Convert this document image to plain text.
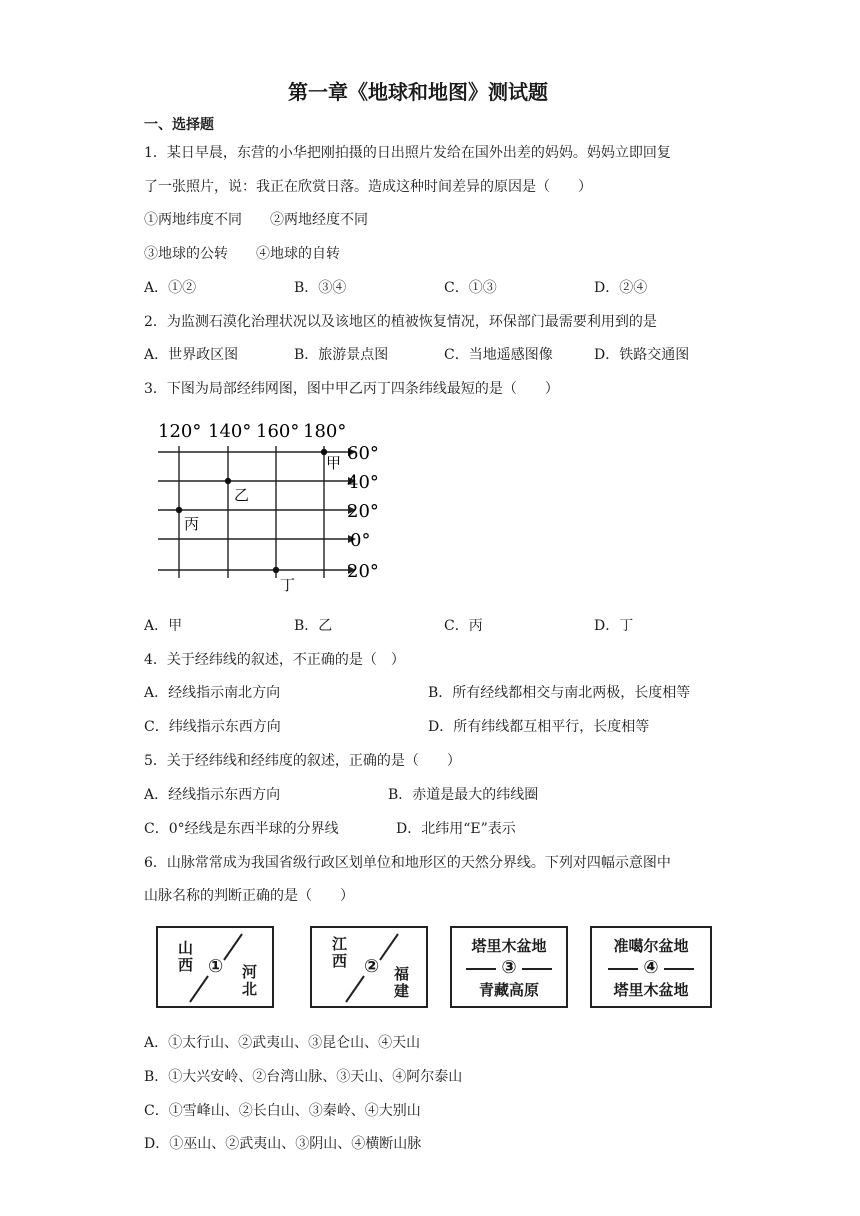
第一章《地球和地图》测试题
一、选择题
1．某日早晨，东营的小华把刚拍摄的日出照片发给在国外出差的妈妈。妈妈立即回复
了一张照片，说：我正在欣赏日落。造成这种时间差异的原因是（　　）
①两地纬度不同　　②两地经度不同
③地球的公转　　④地球的自转
A．①②	B．③④	C．①③	D．②④
2．为监测石漠化治理状况以及该地区的植被恢复情况，环保部门最需要利用到的是
A．世界政区图	B．旅游景点图	C．当地遥感图像	D．铁路交通图
3．下图为局部经纬网图，图中甲乙丙丁四条纬线最短的是（　　）
120° 140° 160° 180°
60°
40°
20°
0°
20°
甲
乙
丙
丁
A．甲	B．乙	C．丙	D．丁
4．关于经纬线的叙述，不正确的是（　）
A．经线指示南北方向	B．所有经线都相交与南北两极，长度相等
C．纬线指示东西方向	D．所有纬线都互相平行，长度相等
5．关于经纬线和经纬度的叙述，正确的是（　　）
A．经线指示东西方向	B．赤道是最大的纬线圈
C．0°经线是东西半球的分界线	D．北纬用“E”表示
6．山脉常常成为我国省级行政区划单位和地形区的天然分界线。下列对四幅示意图中
山脉名称的判断正确的是（　　）
山西 ① 河北
江西 ② 福建
塔里木盆地
③
青藏高原
准噶尔盆地
④
塔里木盆地
A．①太行山、②武夷山、③昆仑山、④天山
B．①大兴安岭、②台湾山脉、③天山、④阿尔泰山
C．①雪峰山、②长白山、③秦岭、④大别山
D．①巫山、②武夷山、③阴山、④横断山脉
